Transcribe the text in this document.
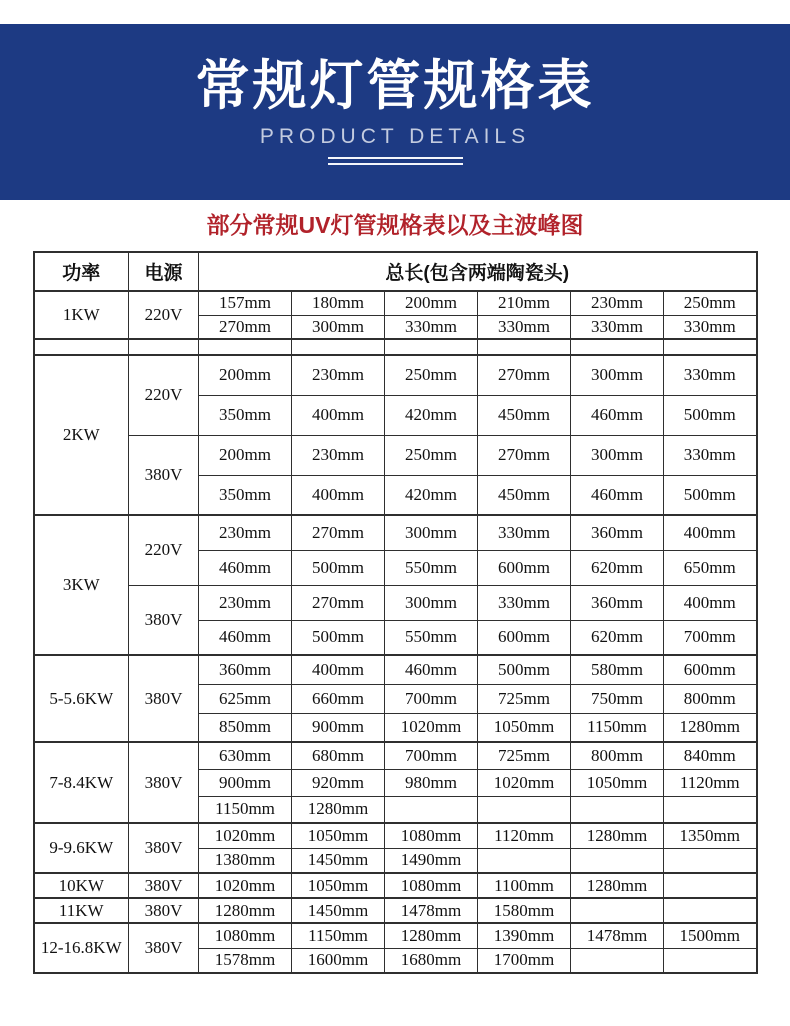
常规灯管规格表
PRODUCT DETAILS
部分常规UV灯管规格表以及主波峰图
功率	电源	总长(包含两端陶瓷头)					
1KW	220V	157mm	180mm	200mm	210mm	230mm	250mm
		270mm	300mm	330mm	330mm	330mm	330mm

2KW	220V	200mm	230mm	250mm	270mm	300mm	330mm
		350mm	400mm	420mm	450mm	460mm	500mm
	380V	200mm	230mm	250mm	270mm	300mm	330mm
		350mm	400mm	420mm	450mm	460mm	500mm
3KW	220V	230mm	270mm	300mm	330mm	360mm	400mm
		460mm	500mm	550mm	600mm	620mm	650mm
	380V	230mm	270mm	300mm	330mm	360mm	400mm
		460mm	500mm	550mm	600mm	620mm	700mm
5-5.6KW	380V	360mm	400mm	460mm	500mm	580mm	600mm
		625mm	660mm	700mm	725mm	750mm	800mm
		850mm	900mm	1020mm	1050mm	1150mm	1280mm
7-8.4KW	380V	630mm	680mm	700mm	725mm	800mm	840mm
		900mm	920mm	980mm	1020mm	1050mm	1120mm
		1150mm	1280mm				
9-9.6KW	380V	1020mm	1050mm	1080mm	1120mm	1280mm	1350mm
		1380mm	1450mm	1490mm			
10KW	380V	1020mm	1050mm	1080mm	1100mm	1280mm	
11KW	380V	1280mm	1450mm	1478mm	1580mm		
12-16.8KW	380V	1080mm	1150mm	1280mm	1390mm	1478mm	1500mm
		1578mm	1600mm	1680mm	1700mm		
